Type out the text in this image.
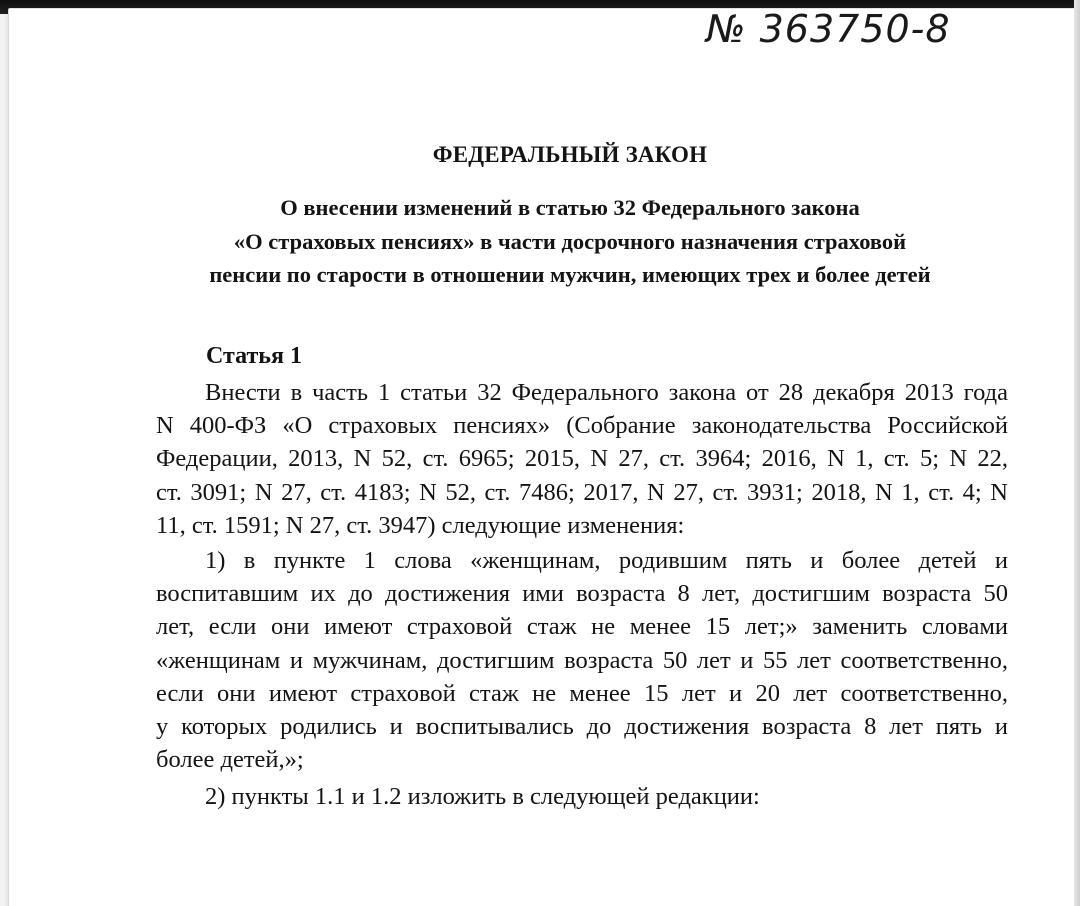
№ 363750-8
ФЕДЕРАЛЬНЫЙ ЗАКОН
О внесении изменений в статью 32 Федерального закона
«О страховых пенсиях» в части досрочного назначения страховой
пенсии по старости в отношении мужчин, имеющих трех и более детей
Статья 1
Внести в часть 1 статьи 32 Федерального закона от 28 декабря 2013 года
N 400-ФЗ «О страховых пенсиях» (Собрание законодательства Российской
Федерации, 2013, N 52, ст. 6965; 2015, N 27, ст. 3964; 2016, N 1, ст. 5; N 22,
ст. 3091; N 27, ст. 4183; N 52, ст. 7486; 2017, N 27, ст. 3931; 2018, N 1, ст. 4; N
11, ст. 1591; N 27, ст. 3947) следующие изменения:
1) в пункте 1 слова «женщинам, родившим пять и более детей и
воспитавшим их до достижения ими возраста 8 лет, достигшим возраста 50
лет, если они имеют страховой стаж не менее 15 лет;» заменить словами
«женщинам и мужчинам, достигшим возраста 50 лет и 55 лет соответственно,
если они имеют страховой стаж не менее 15 лет и 20 лет соответственно,
у которых родились и воспитывались до достижения возраста 8 лет пять и
более детей,»;
2) пункты 1.1 и 1.2 изложить в следующей редакции:
